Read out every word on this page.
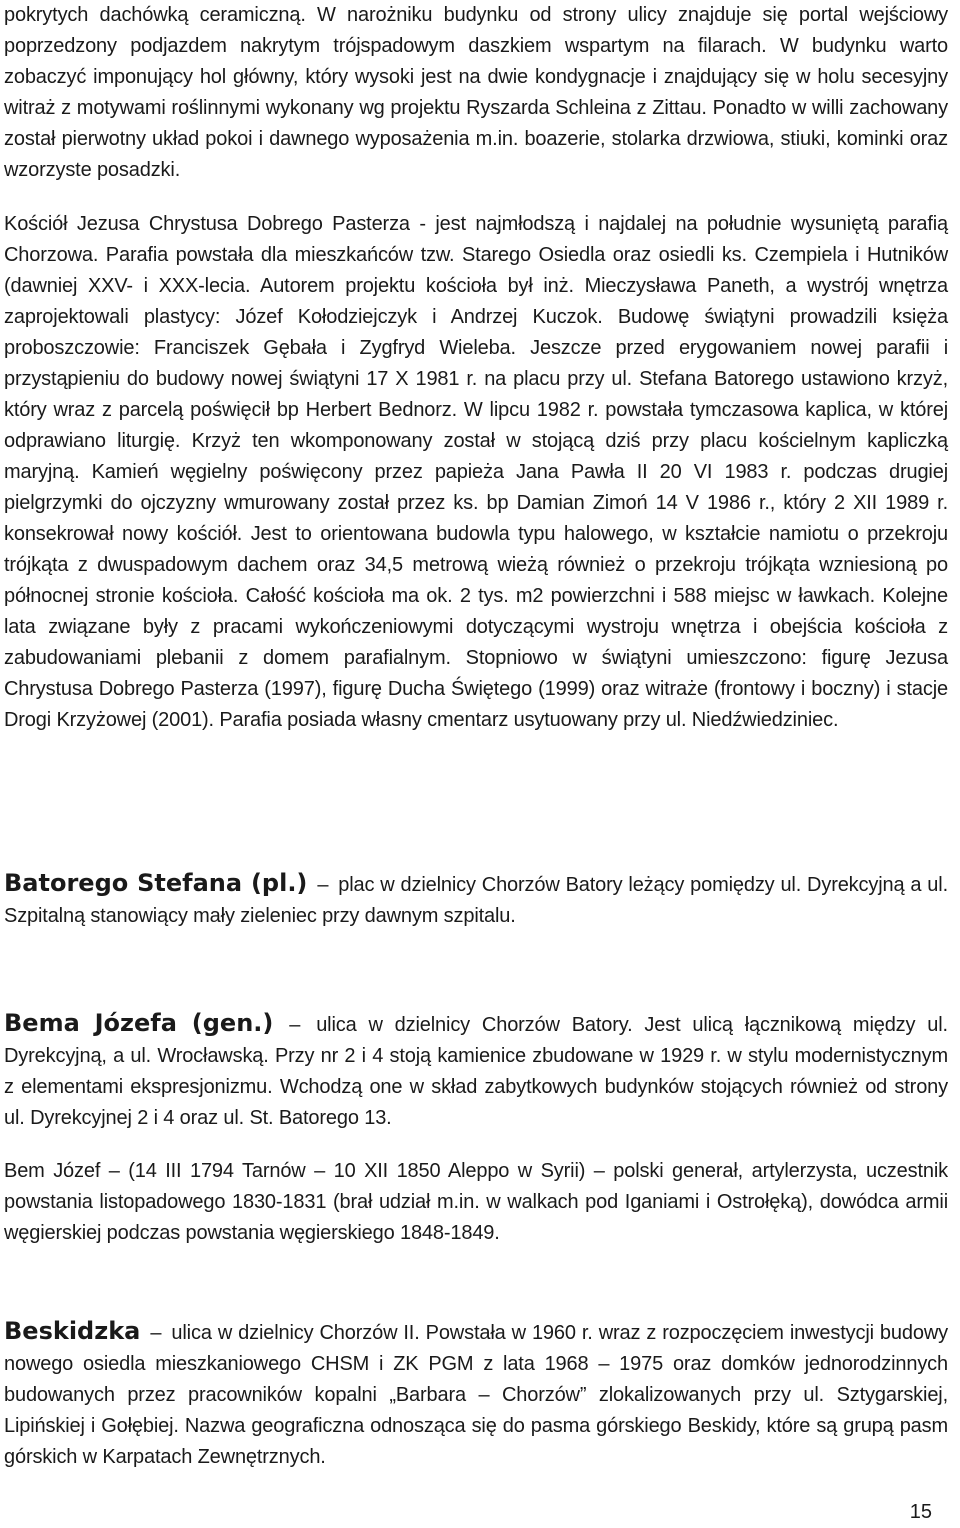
pokrytych dachówką ceramiczną. W narożniku budynku od strony ulicy znajduje się portal wejściowy poprzedzony podjazdem nakrytym trójspadowym daszkiem wspartym na filarach. W budynku warto zobaczyć imponujący hol główny, który wysoki jest na dwie kondygnacje i znajdujący się w holu secesyjny witraż z motywami roślinnymi wykonany wg projektu Ryszarda Schleina z Zittau. Ponadto w willi zachowany został pierwotny układ pokoi i dawnego wyposażenia m.in. boazerie, stolarka drzwiowa, stiuki, kominki oraz wzorzyste posadzki.

Kościół Jezusa Chrystusa Dobrego Pasterza - jest najmłodszą i najdalej na południe wysuniętą parafią Chorzowa. Parafia powstała dla mieszkańców tzw. Starego Osiedla oraz osiedli ks. Czempiela i Hutników (dawniej XXV- i XXX-lecia. Autorem projektu kościoła był inż. Mieczysława Paneth, a wystrój wnętrza zaprojektowali plastycy: Józef Kołodziejczyk i Andrzej Kuczok. Budowę świątyni prowadzili księża proboszczowie: Franciszek Gębała i Zygfryd Wieleba. Jeszcze przed erygowaniem nowej parafii i przystąpieniu do budowy nowej świątyni 17 X 1981 r. na placu przy ul. Stefana Batorego ustawiono krzyż, który wraz z parcelą poświęcił bp Herbert Bednorz. W lipcu 1982 r. powstała tymczasowa kaplica, w której odprawiano liturgię. Krzyż ten wkomponowany został w stojącą dziś przy placu kościelnym kapliczką maryjną. Kamień węgielny poświęcony przez papieża Jana Pawła II 20 VI 1983 r. podczas drugiej pielgrzymki do ojczyzny wmurowany został przez ks. bp Damian Zimoń 14 V 1986 r., który 2 XII 1989 r. konsekrował nowy kościół. Jest to orientowana budowla typu halowego, w kształcie namiotu o przekroju trójkąta z dwuspadowym dachem oraz 34,5 metrową wieżą również o przekroju trójkąta wzniesioną po północnej stronie kościoła. Całość kościoła ma ok. 2 tys. m2 powierzchni i 588 miejsc w ławkach. Kolejne lata związane były z pracami wykończeniowymi dotyczącymi wystroju wnętrza i obejścia kościoła z zabudowaniami plebanii z domem parafialnym. Stopniowo w świątyni umieszczono: figurę Jezusa Chrystusa Dobrego Pasterza (1997), figurę Ducha Świętego (1999) oraz witraże (frontowy i boczny) i stacje Drogi Krzyżowej (2001). Parafia posiada własny cmentarz usytuowany przy ul. Niedźwiedziniec.

Batorego Stefana (pl.) – plac w dzielnicy Chorzów Batory leżący pomiędzy ul. Dyrekcyjną a ul. Szpitalną stanowiący mały zieleniec przy dawnym szpitalu.

Bema Józefa (gen.) – ulica w dzielnicy Chorzów Batory. Jest ulicą łącznikową między ul. Dyrekcyjną, a ul. Wrocławską. Przy nr 2 i 4 stoją kamienice zbudowane w 1929 r. w stylu modernistycznym z elementami ekspresjonizmu. Wchodzą one w skład zabytkowych budynków stojących również od strony ul. Dyrekcyjnej 2 i 4 oraz ul. St. Batorego 13.

Bem Józef – (14 III 1794 Tarnów – 10 XII 1850 Aleppo w Syrii) – polski generał, artylerzysta, uczestnik powstania listopadowego 1830-1831 (brał udział m.in. w walkach pod Iganiami i Ostrołęką), dowódca armii węgierskiej podczas powstania węgierskiego 1848-1849.

Beskidzka – ulica w dzielnicy Chorzów II. Powstała w 1960 r. wraz z rozpoczęciem inwestycji budowy nowego osiedla mieszkaniowego CHSM i ZK PGM z lata 1968 – 1975 oraz domków jednorodzinnych budowanych przez pracowników kopalni „Barbara – Chorzów” zlokalizowanych przy ul. Sztygarskiej, Lipińskiej i Gołębiej. Nazwa geograficzna odnosząca się do pasma górskiego Beskidy, które są grupą pasm górskich w Karpatach Zewnętrznych.

15
